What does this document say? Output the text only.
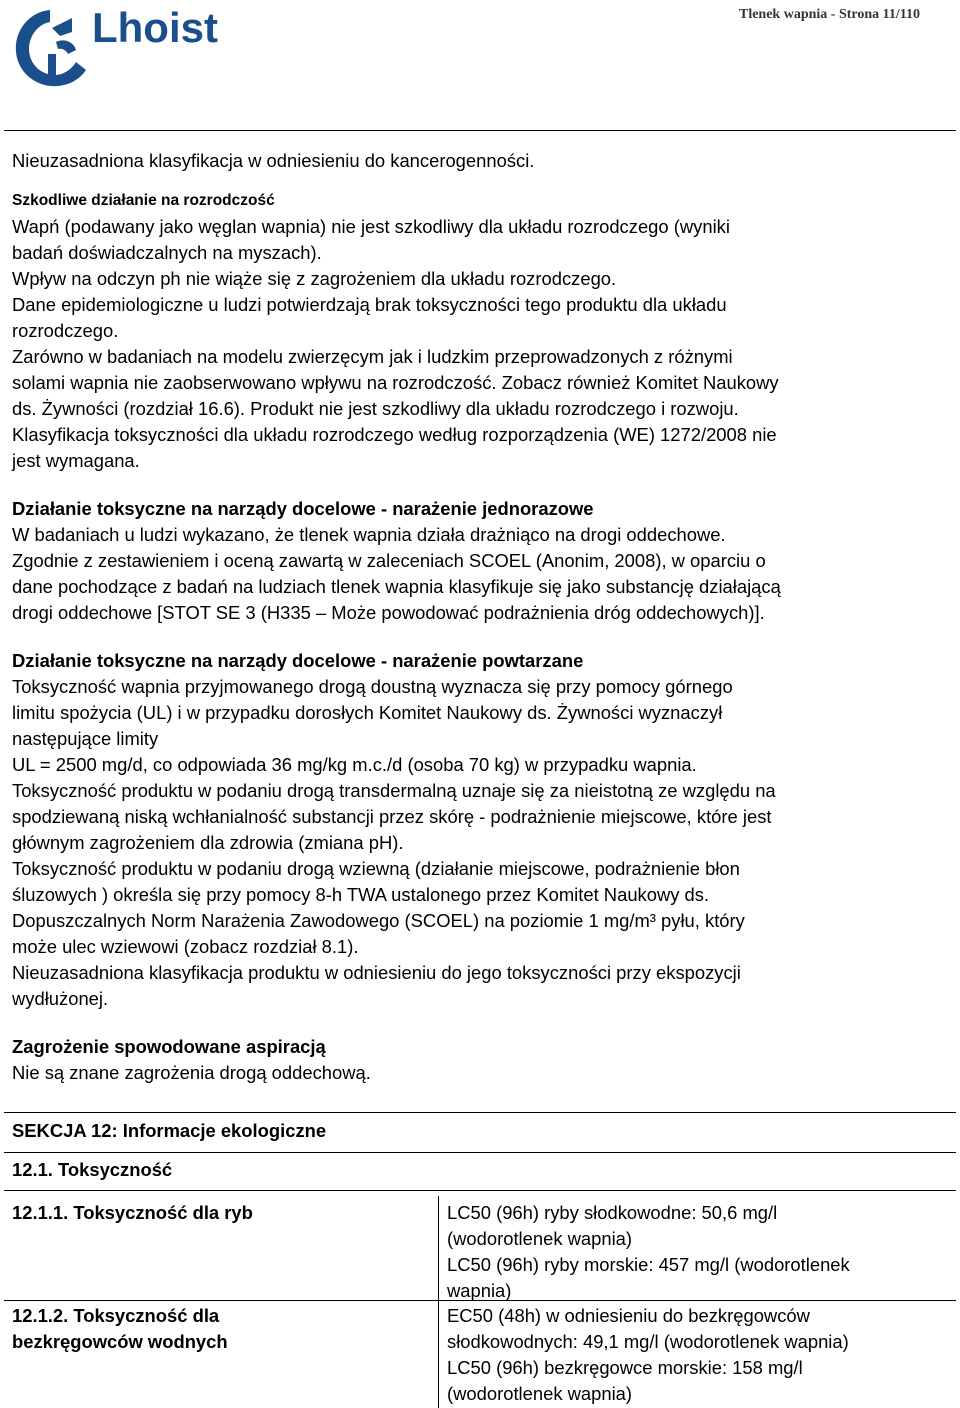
Lhoist	Tlenek wapnia - Strona 11/110

Nieuzasadniona klasyfikacja w odniesieniu do kancerogenności.

Szkodliwe działanie na rozrodczość

Wapń (podawany jako węglan wapnia) nie jest szkodliwy dla układu rozrodczego (wyniki

badań doświadczalnych na myszach).

Wpływ na odczyn ph nie wiąże się z zagrożeniem dla układu rozrodczego.

Dane epidemiologiczne u ludzi potwierdzają brak toksyczności tego produktu dla układu

rozrodczego.

Zarówno w badaniach na modelu zwierzęcym jak i ludzkim przeprowadzonych z różnymi

solami wapnia nie zaobserwowano wpływu na rozrodczość. Zobacz również Komitet Naukowy

ds. Żywności (rozdział 16.6). Produkt nie jest szkodliwy dla układu rozrodczego i rozwoju.

Klasyfikacja toksyczności dla układu rozrodczego według rozporządzenia (WE) 1272/2008 nie

jest wymagana.

Działanie toksyczne na narządy docelowe - narażenie jednorazowe

W badaniach u ludzi wykazano, że tlenek wapnia działa drażniąco na drogi oddechowe.

Zgodnie z zestawieniem i oceną zawartą w zaleceniach SCOEL (Anonim, 2008), w oparciu o

dane pochodzące z badań na ludziach tlenek wapnia klasyfikuje się jako substancję działającą

drogi oddechowe [STOT SE 3 (H335 – Może powodować podrażnienia dróg oddechowych)].

Działanie toksyczne na narządy docelowe - narażenie powtarzane

Toksyczność wapnia przyjmowanego drogą doustną wyznacza się przy pomocy górnego

limitu spożycia (UL) i w przypadku dorosłych Komitet Naukowy ds. Żywności wyznaczył

następujące limity

UL = 2500 mg/d, co odpowiada 36 mg/kg m.c./d (osoba 70 kg) w przypadku wapnia.

Toksyczność produktu w podaniu drogą transdermalną uznaje się za nieistotną ze względu na

spodziewaną niską wchłanialność substancji przez skórę - podrażnienie miejscowe, które jest

głównym zagrożeniem dla zdrowia (zmiana pH).

Toksyczność produktu w podaniu drogą wziewną (działanie miejscowe, podrażnienie błon

śluzowych ) określa się przy pomocy 8-h TWA ustalonego przez Komitet Naukowy ds.

Dopuszczalnych Norm Narażenia Zawodowego (SCOEL) na poziomie 1 mg/m³ pyłu, który

może ulec wziewowi (zobacz rozdział 8.1).

Nieuzasadniona klasyfikacja produktu w odniesieniu do jego toksyczności przy ekspozycji

wydłużonej.

Zagrożenie spowodowane aspiracją

Nie są znane zagrożenia drogą oddechową.

SEKCJA 12: Informacje ekologiczne
12.1. Toksyczność

12.1.1. Toksyczność dla ryb	LC50 (96h) ryby słodkowodne: 50,6 mg/l

(wodorotlenek wapnia)

LC50 (96h) ryby morskie: 457 mg/l (wodorotlenek

wapnia)

12.1.2. Toksyczność dla

bezkręgowców wodnych

EC50 (48h) w odniesieniu do bezkręgowców

słodkowodnych: 49,1 mg/l (wodorotlenek wapnia)

LC50 (96h) bezkręgowce morskie: 158 mg/l

(wodorotlenek wapnia)
